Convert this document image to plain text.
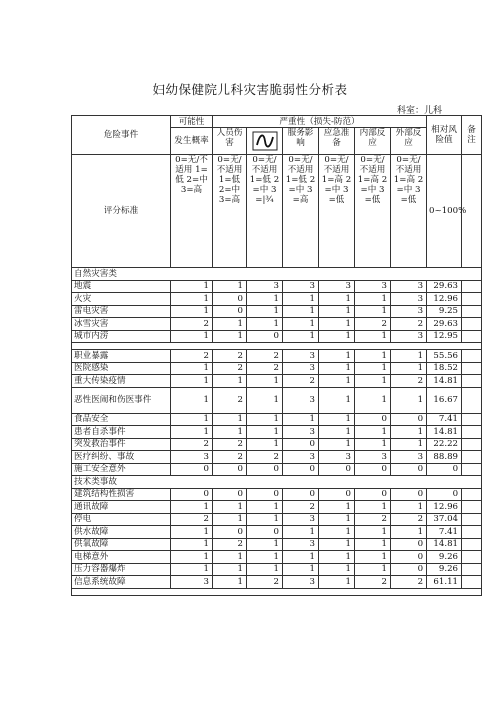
妇幼保健院儿科灾害脆弱性分析表
科室：儿科
危险事件	可能性	严重性（损失-防范）						相对风险值	备注
	发生概率	人员伤害		服务影响	应急准备	内部反应	外部反应		
评分标准	0=无/不适用 1=低 2=中 3=高	0=无/不适用 1=低 2=中 3=高	0=无/不适用 1=低 2=中 3=|¾	0=无/不适用 1=低 2=中 3=高	0=无/不适用 1=高 2=中 3=低	0=无/不适用 1=高 2=中 3=低	0=无/不适用 1=高 2=中 3=低	0~100%	
自然灾害类									
地震	1	1	3	3	3	3	3	29.63	
火灾	1	0	1	1	1	1	3	12.96	
雷电灾害	1	0	1	1	1	1	3	9.25	
冰雪灾害	2	1	1	1	1	2	2	29.63	
城市内涝	1	1	0	1	1	1	3	12.95	

职业暴露	2	2	2	3	1	1	1	55.56	
医院感染	1	2	2	3	1	1	1	18.52	
重大传染疫情	1	1	1	2	1	1	2	14.81	
恶性医闹和伤医事件	1	2	1	3	1	1	1	16.67	
食品安全	1	1	1	1	1	0	0	7.41	
患者自杀事件	1	1	1	3	1	1	1	14.81	
突发救治事件	2	2	1	0	1	1	1	22.22	
医疗纠纷、事故	3	2	2	3	3	3	3	88.89	
施工安全意外	0	0	0	0	0	0	0	0	
技术类事故									
建筑结构性损害	0	0	0	0	0	0	0	0	
通讯故障	1	1	1	2	1	1	1	12.96	
停电	2	1	1	3	1	2	2	37.04	
供水故障	1	0	0	1	1	1	1	7.41	
供氧故障	1	2	1	3	1	1	0	14.81	
电梯意外	1	1	1	1	1	1	0	9.26	
压力容器爆炸	1	1	1	1	1	1	0	9.26	
信息系统故障	3	1	2	3	1	2	2	61.11	
